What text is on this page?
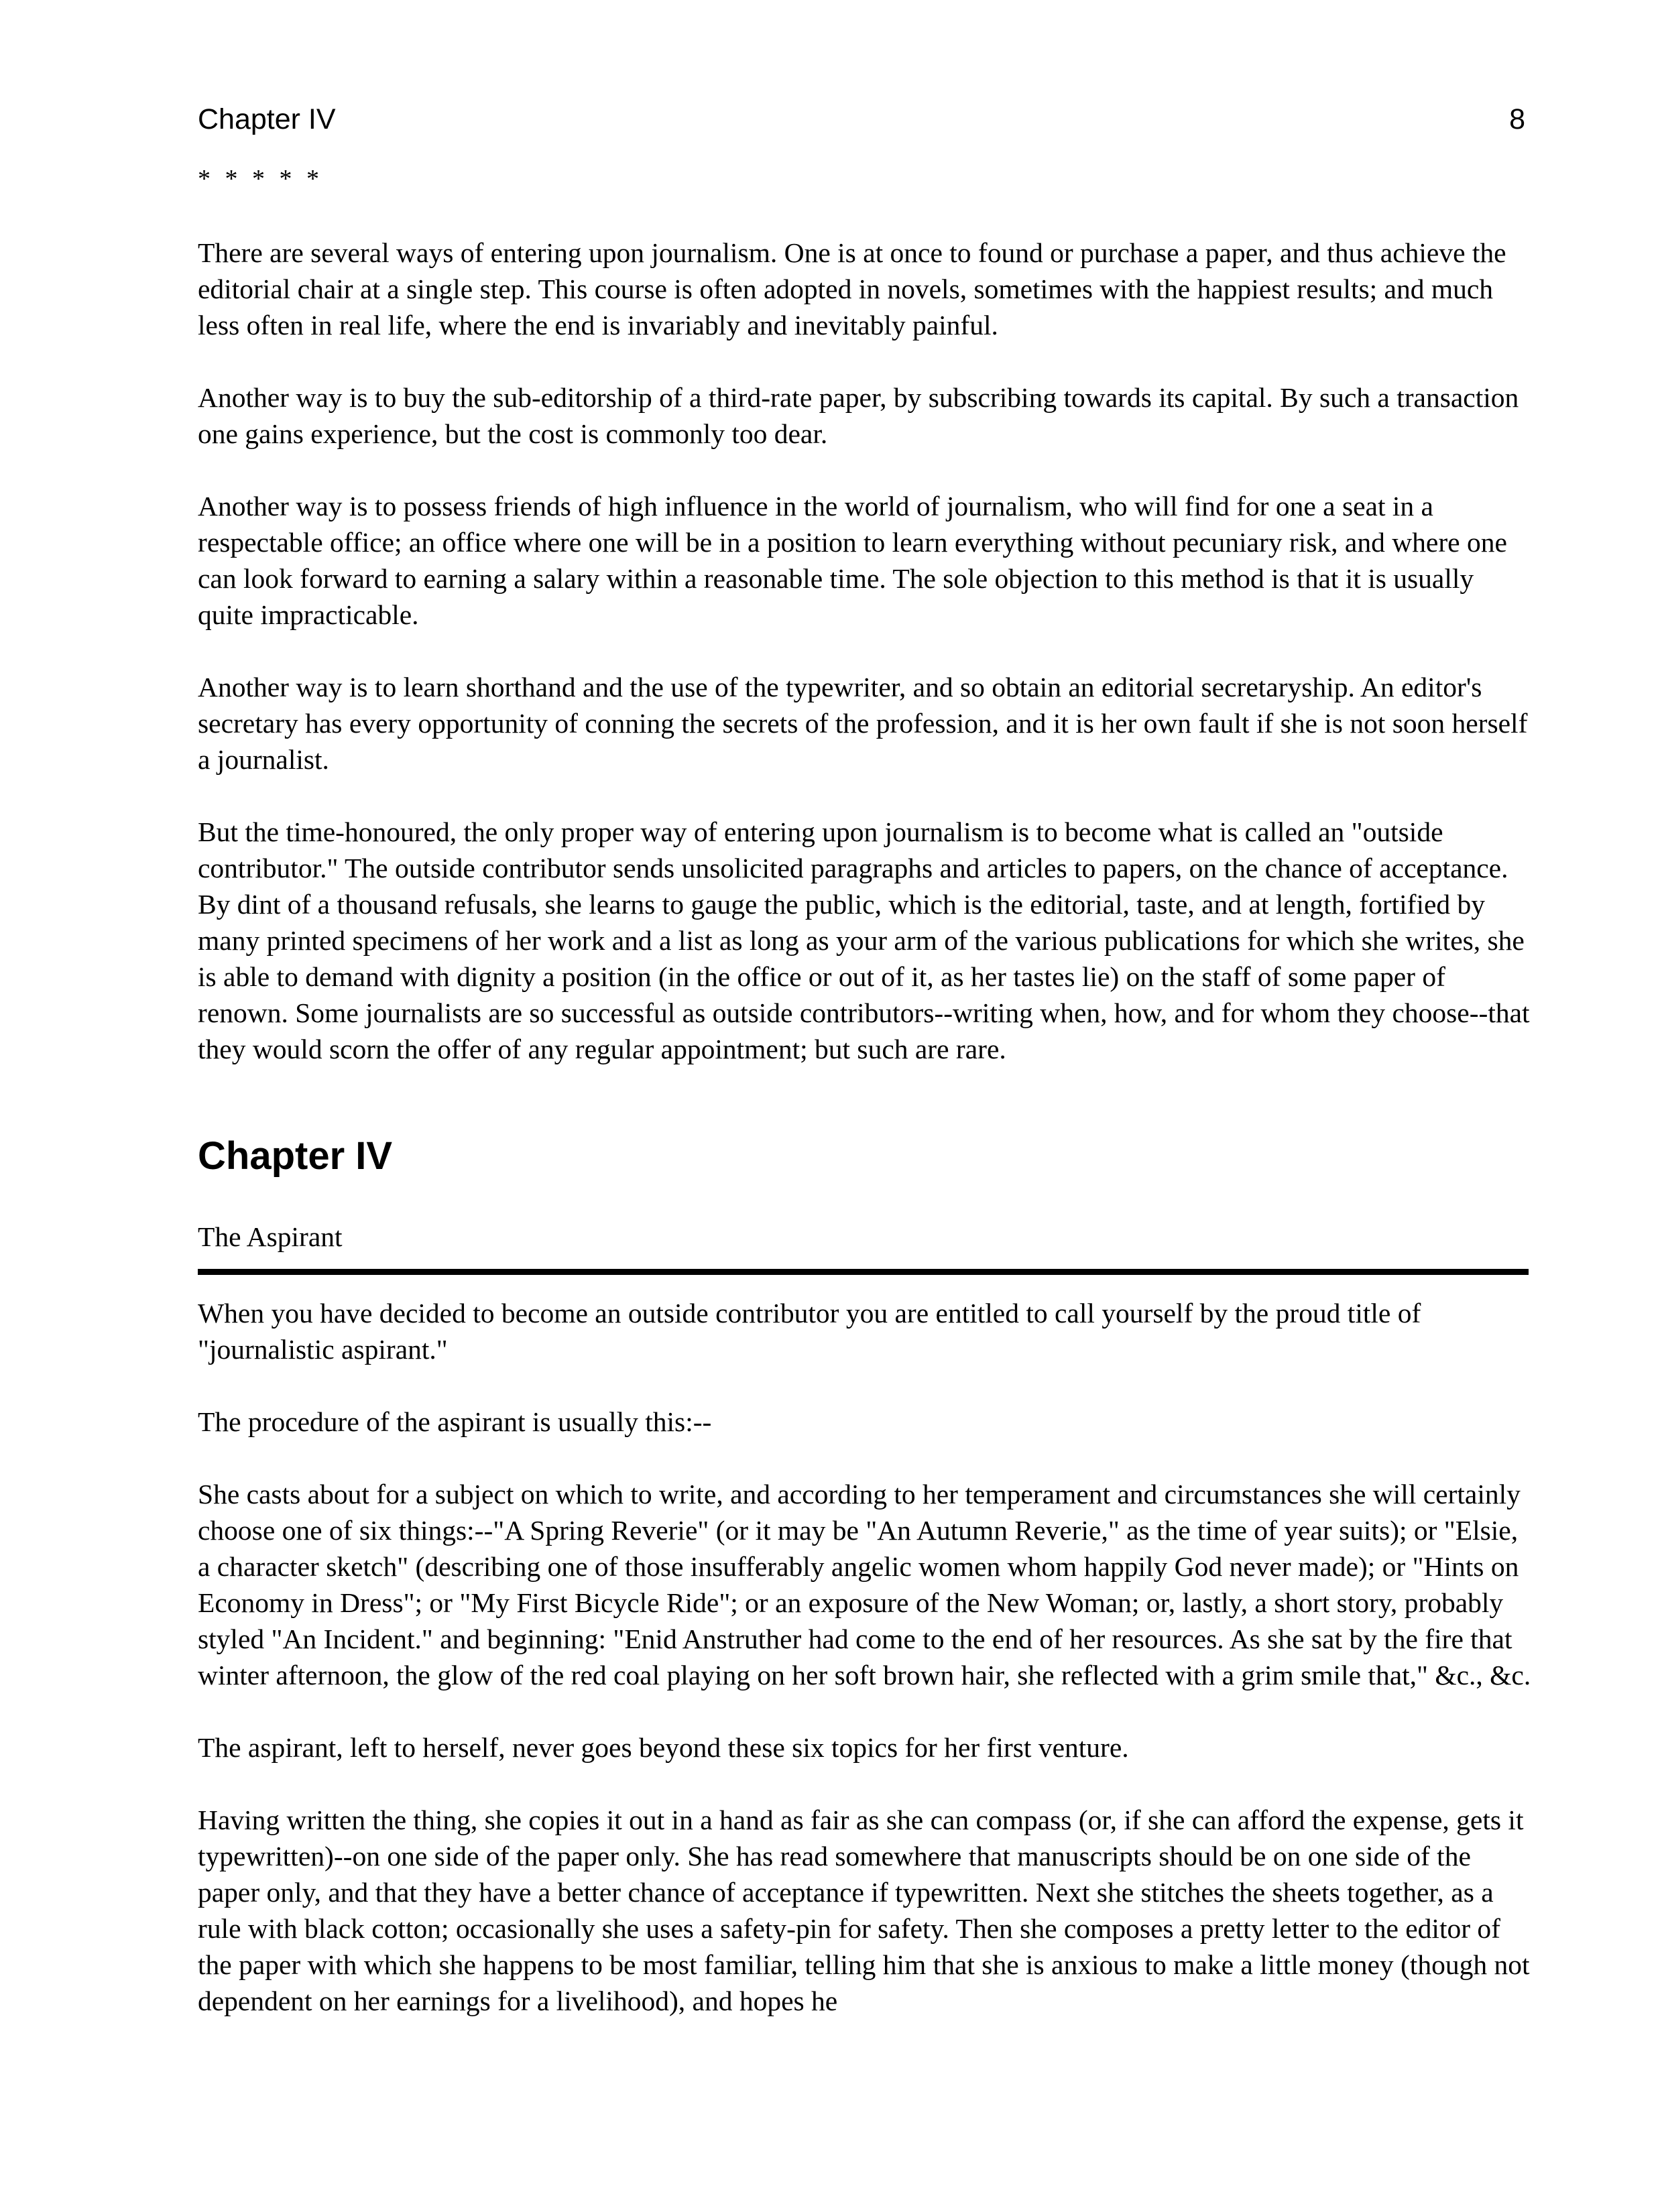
Chapter IV	8
* * * * *

There are several ways of entering upon journalism. One is at once to found or purchase a paper, and thus achieve the editorial chair at a single step. This course is often adopted in novels, sometimes with the happiest results; and much less often in real life, where the end is invariably and inevitably painful.

Another way is to buy the sub-editorship of a third-rate paper, by subscribing towards its capital. By such a transaction one gains experience, but the cost is commonly too dear.

Another way is to possess friends of high influence in the world of journalism, who will find for one a seat in a respectable office; an office where one will be in a position to learn everything without pecuniary risk, and where one can look forward to earning a salary within a reasonable time. The sole objection to this method is that it is usually quite impracticable.

Another way is to learn shorthand and the use of the typewriter, and so obtain an editorial secretaryship. An editor's secretary has every opportunity of conning the secrets of the profession, and it is her own fault if she is not soon herself a journalist.

But the time-honoured, the only proper way of entering upon journalism is to become what is called an "outside contributor." The outside contributor sends unsolicited paragraphs and articles to papers, on the chance of acceptance. By dint of a thousand refusals, she learns to gauge the public, which is the editorial, taste, and at length, fortified by many printed specimens of her work and a list as long as your arm of the various publications for which she writes, she is able to demand with dignity a position (in the office or out of it, as her tastes lie) on the staff of some paper of renown. Some journalists are so successful as outside contributors--writing when, how, and for whom they choose--that they would scorn the offer of any regular appointment; but such are rare.

Chapter IV
The Aspirant

When you have decided to become an outside contributor you are entitled to call yourself by the proud title of "journalistic aspirant."

The procedure of the aspirant is usually this:--

She casts about for a subject on which to write, and according to her temperament and circumstances she will certainly choose one of six things:--"A Spring Reverie" (or it may be "An Autumn Reverie," as the time of year suits); or "Elsie, a character sketch" (describing one of those insufferably angelic women whom happily God never made); or "Hints on Economy in Dress"; or "My First Bicycle Ride"; or an exposure of the New Woman; or, lastly, a short story, probably styled "An Incident." and beginning: "Enid Anstruther had come to the end of her resources. As she sat by the fire that winter afternoon, the glow of the red coal playing on her soft brown hair, she reflected with a grim smile that," &c., &c.

The aspirant, left to herself, never goes beyond these six topics for her first venture.

Having written the thing, she copies it out in a hand as fair as she can compass (or, if she can afford the expense, gets it typewritten)--on one side of the paper only. She has read somewhere that manuscripts should be on one side of the paper only, and that they have a better chance of acceptance if typewritten. Next she stitches the sheets together, as a rule with black cotton; occasionally she uses a safety-pin for safety. Then she composes a pretty letter to the editor of the paper with which she happens to be most familiar, telling him that she is anxious to make a little money (though not dependent on her earnings for a livelihood), and hopes he
